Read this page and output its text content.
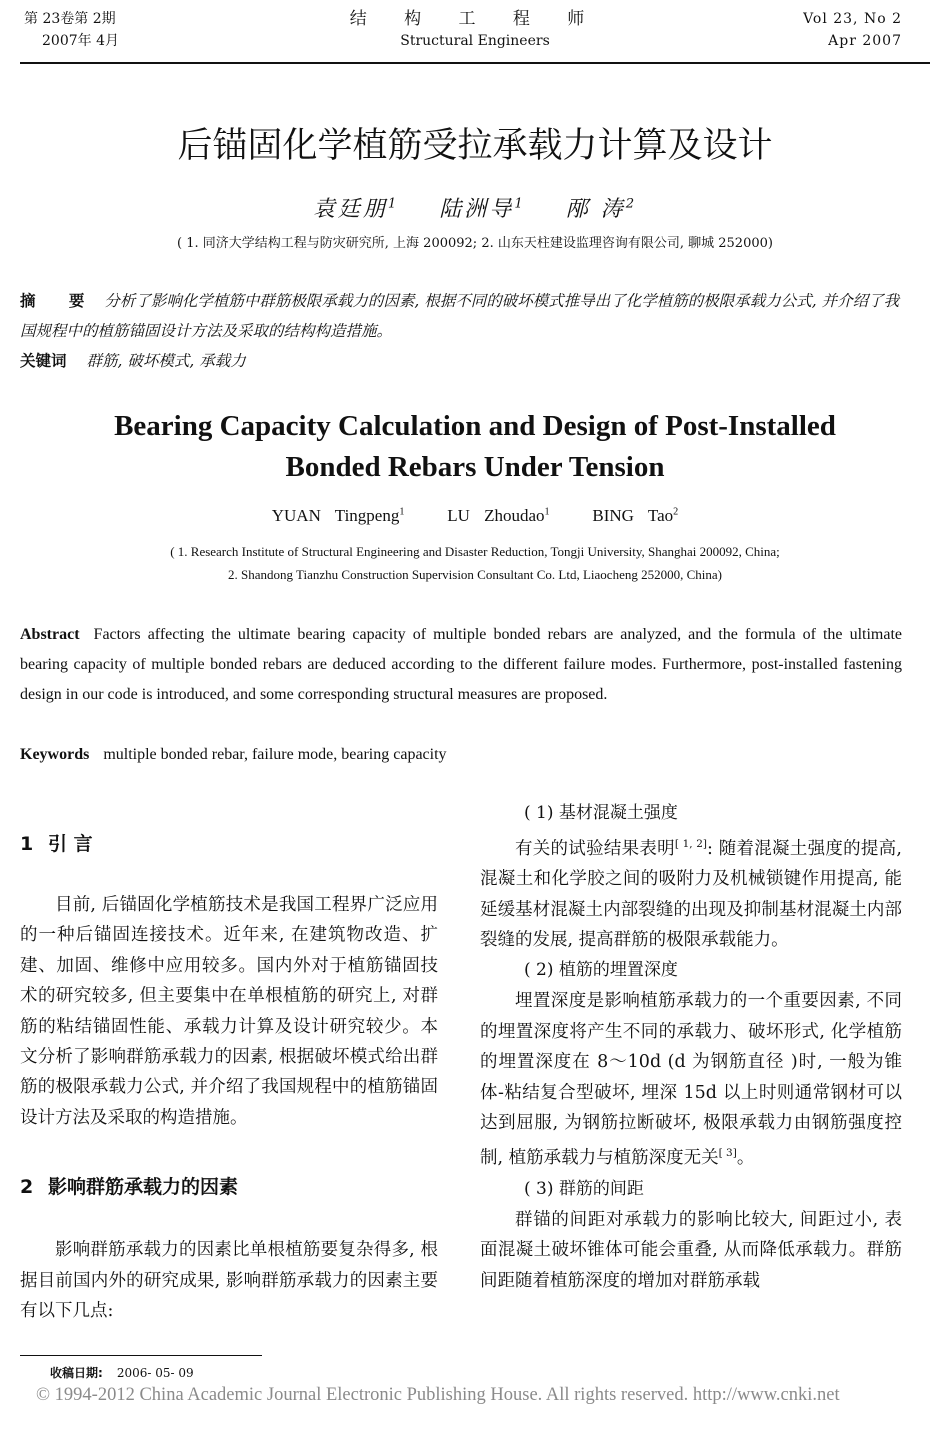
第 23卷第 2期
2007年 4月
结 构 工 程 师
Structural Engineers
Vol 23, No 2
Apr 2007
后锚固化学植筋受拉承载力计算及设计
袁廷朋$^1$ 陆洲导$^1$ 邴 涛$^2$
( 1. 同济大学结构工程与防灾研究所, 上海 200092; 2. 山东天柱建设监理咨询有限公司, 聊城 252000)
摘 要 分析了影响化学植筋中群筋极限承载力的因素, 根据不同的破坏模式推导出了化学植筋的极限承载力公式, 并介绍了我国规程中的植筋锚固设计方法及采取的结构构造措施。
关键词 群筋, 破坏模式, 承载力
Bearing Capacity Calculation and Design of Post-Installed
Bonded Rebars Under Tension
YUAN Tingpeng$^1$	LU Zhoudao$^1$	BING Tao$^2$
( 1. Research Institute of Structural Engineering and Disaster Reduction, Tongji University, Shanghai 200092, China;
2. Shandong Tianzhu Construction Supervision Consultant Co. Ltd, Liaocheng 252000, China)
Abstract Factors affecting the ultimate bearing capacity of multiple bonded rebars are analyzed, and the formula of the ultimate bearing capacity of multiple bonded rebars are deduced according to the different failure modes. Furthermore, post-installed fastening design in our code is introduced, and some corresponding structural measures are proposed.
Keywords multiple bonded rebar, failure mode, bearing capacity
1 引 言

目前, 后锚固化学植筋技术是我国工程界广泛应用的一种后锚固连接技术。近年来, 在建筑物改造、扩建、加固、维修中应用较多。国内外对于植筋锚固技术的研究较多, 但主要集中在单根植筋的研究上, 对群筋的粘结锚固性能、承载力计算及设计研究较少。本文分析了影响群筋承载力的因素, 根据破坏模式给出群筋的极限承载力公式, 并介绍了我国规程中的植筋锚固设计方法及采取的构造措施。

2 影响群筋承载力的因素

影响群筋承载力的因素比单根植筋要复杂得多, 根据目前国内外的研究成果, 影响群筋承载力的因素主要有以下几点:

( 1) 基材混凝土强度

有关的试验结果表明[ 1, 2]: 随着混凝土强度的提高, 混凝土和化学胶之间的吸附力及机械锁键作用提高, 能延缓基材混凝土内部裂缝的出现及抑制基材混凝土内部裂缝的发展, 提高群筋的极限承载能力。

( 2) 植筋的埋置深度

埋置深度是影响植筋承载力的一个重要因素, 不同的埋置深度将产生不同的承载力、破坏形式, 化学植筋的埋置深度在 8～10d (d 为钢筋直径 )时, 一般为锥体-粘结复合型破坏, 埋深 15d 以上时则通常钢材可以达到屈服, 为钢筋拉断破坏, 极限承载力由钢筋强度控制, 植筋承载力与植筋深度无关[ 3]。

( 3) 群筋的间距

群锚的间距对承载力的影响比较大, 间距过小, 表面混凝土破坏锥体可能会重叠, 从而降低承载力。群筋间距随着植筋深度的增加对群筋承载

收稿日期: 2006- 05- 09
© 1994-2012 China Academic Journal Electronic Publishing House. All rights reserved. http://www.cnki.net
